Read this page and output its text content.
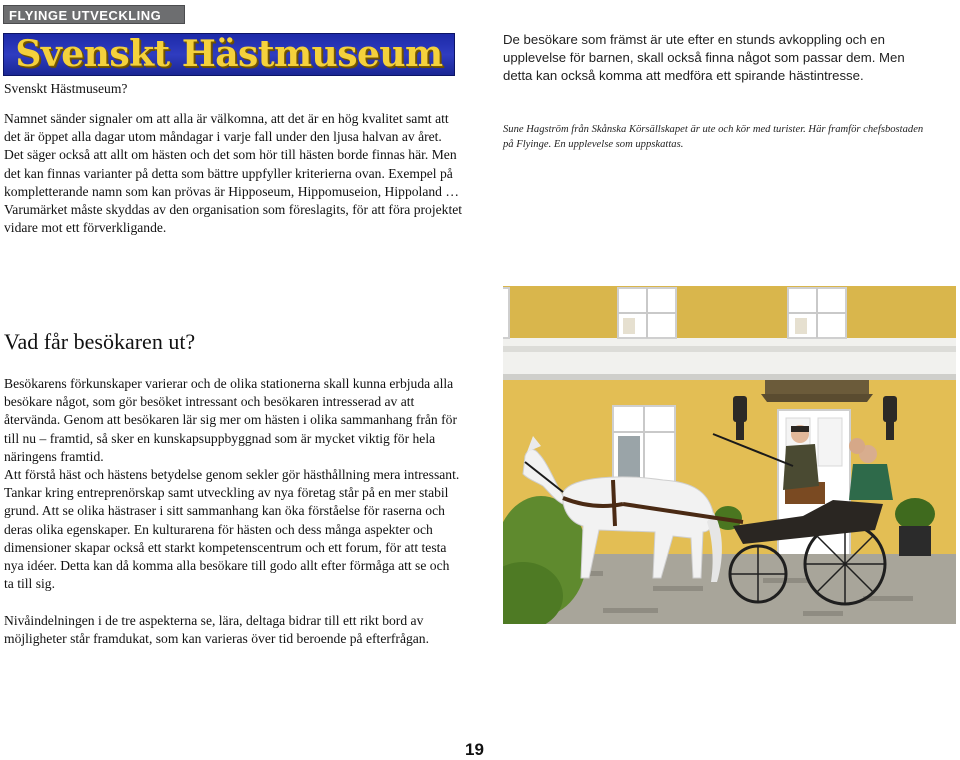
FLYINGE UTVECKLING
Svenskt Hästmuseum
Svenskt Hästmuseum?

Namnet sänder signaler om att alla är välkomna, att det är en hög kvalitet samt att det är öppet alla dagar utom måndagar i varje fall under den ljusa halvan av året.

Det säger också att allt om hästen och det som hör till hästen borde finnas här. Men det kan finnas varianter på detta som bättre uppfyller kriterierna ovan. Exempel på kompletterande namn som kan prövas är Hipposeum, Hippomuseion, Hippoland …

Varumärket måste skyddas av den organisation som föreslagits, för att föra projektet vidare mot ett förverkligande.

Vad får besökaren ut?

Besökarens förkunskaper varierar och de olika stationerna skall kunna erbjuda alla besökare något, som gör besöket intressant och besökaren intresserad av att återvända. Genom att besökaren lär sig mer om hästen i olika sammanhang från för till nu – framtid, så sker en kunskapsuppbyggnad som är mycket viktig för hela näringens framtid.

Att förstå häst och hästens betydelse genom sekler gör hästhållning mera intressant. Tankar kring entreprenörskap samt utveckling av nya företag står på en mer stabil grund. Att se olika hästraser i sitt sammanhang kan öka förståelse för raserna och deras olika egenskaper. En kulturarena för hästen och dess många aspekter och dimensioner skapar också ett starkt kompetenscentrum och ett forum, för att testa nya idéer. Detta kan då komma alla besökare till godo allt efter förmåga att se och ta till sig.

Nivåindelningen i de tre aspekterna se, lära, deltaga bidrar till ett rikt bord av möjligheter står framdukat, som kan varieras över tid beroende på efterfrågan.

De besökare som främst är ute efter en stunds avkoppling och en upplevelse för barnen, skall också finna något som passar dem. Men detta kan också komma att medföra ett spirande hästintresse.

Sune Hagström från Skånska Körsällskapet är ute och kör med turister. Här framför chefsbostaden på Flyinge. En upplevelse som uppskattas.

19
